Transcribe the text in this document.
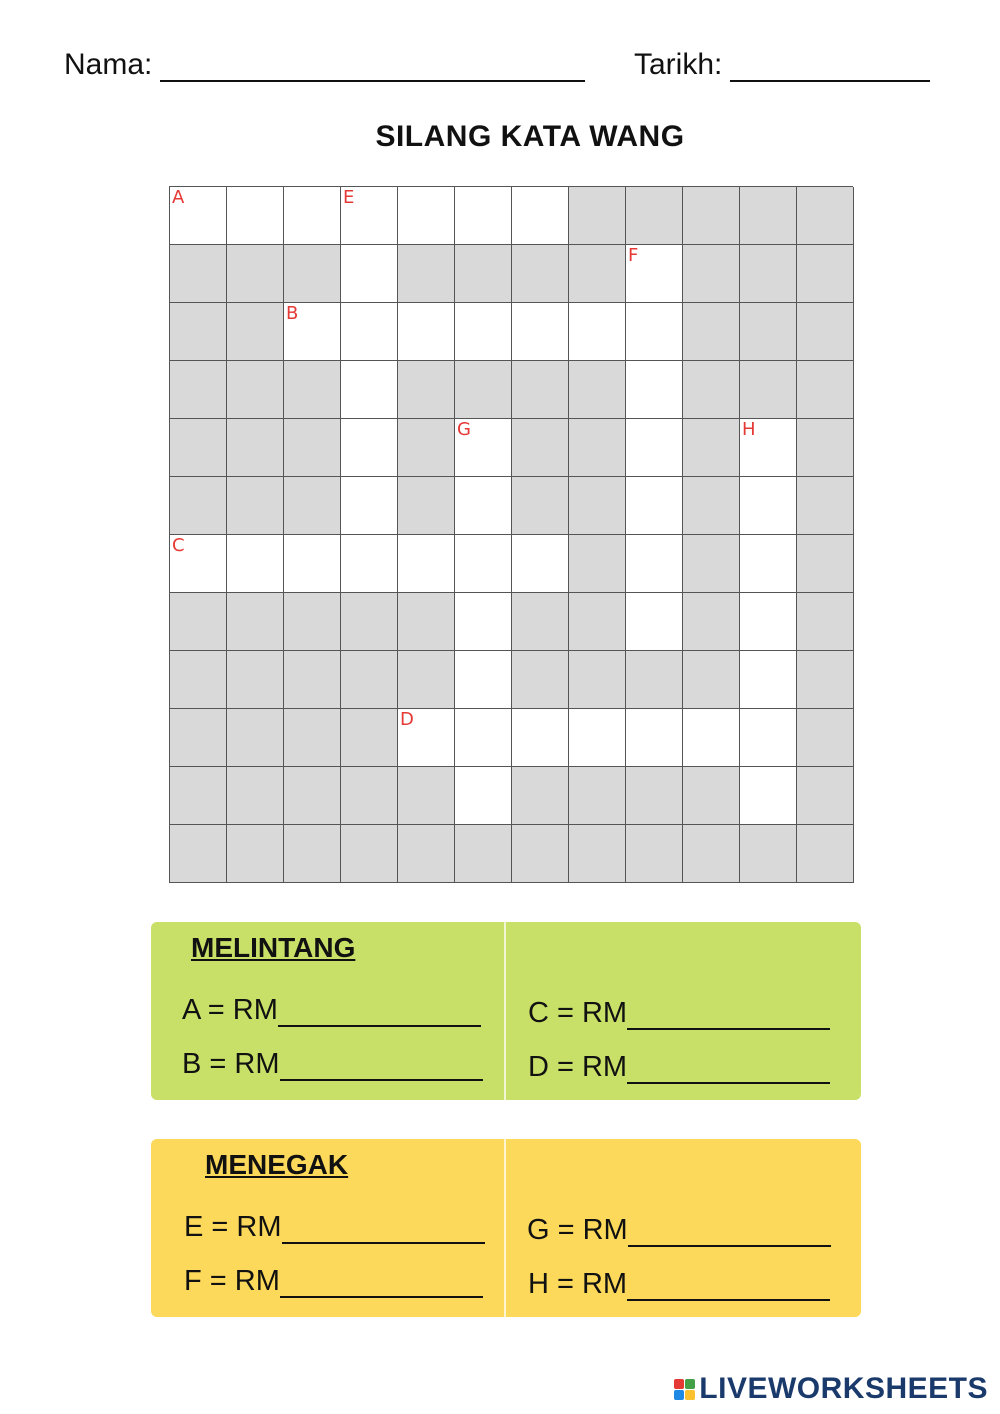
Nama:	Tarikh:
SILANG KATA WANG
A	E
F
B
G	H
C
D
MELINTANG
A = RM
B = RM
C = RM
D = RM
MENEGAK
E = RM
F = RM
G = RM
H = RM
LIVEWORKSHEETS
